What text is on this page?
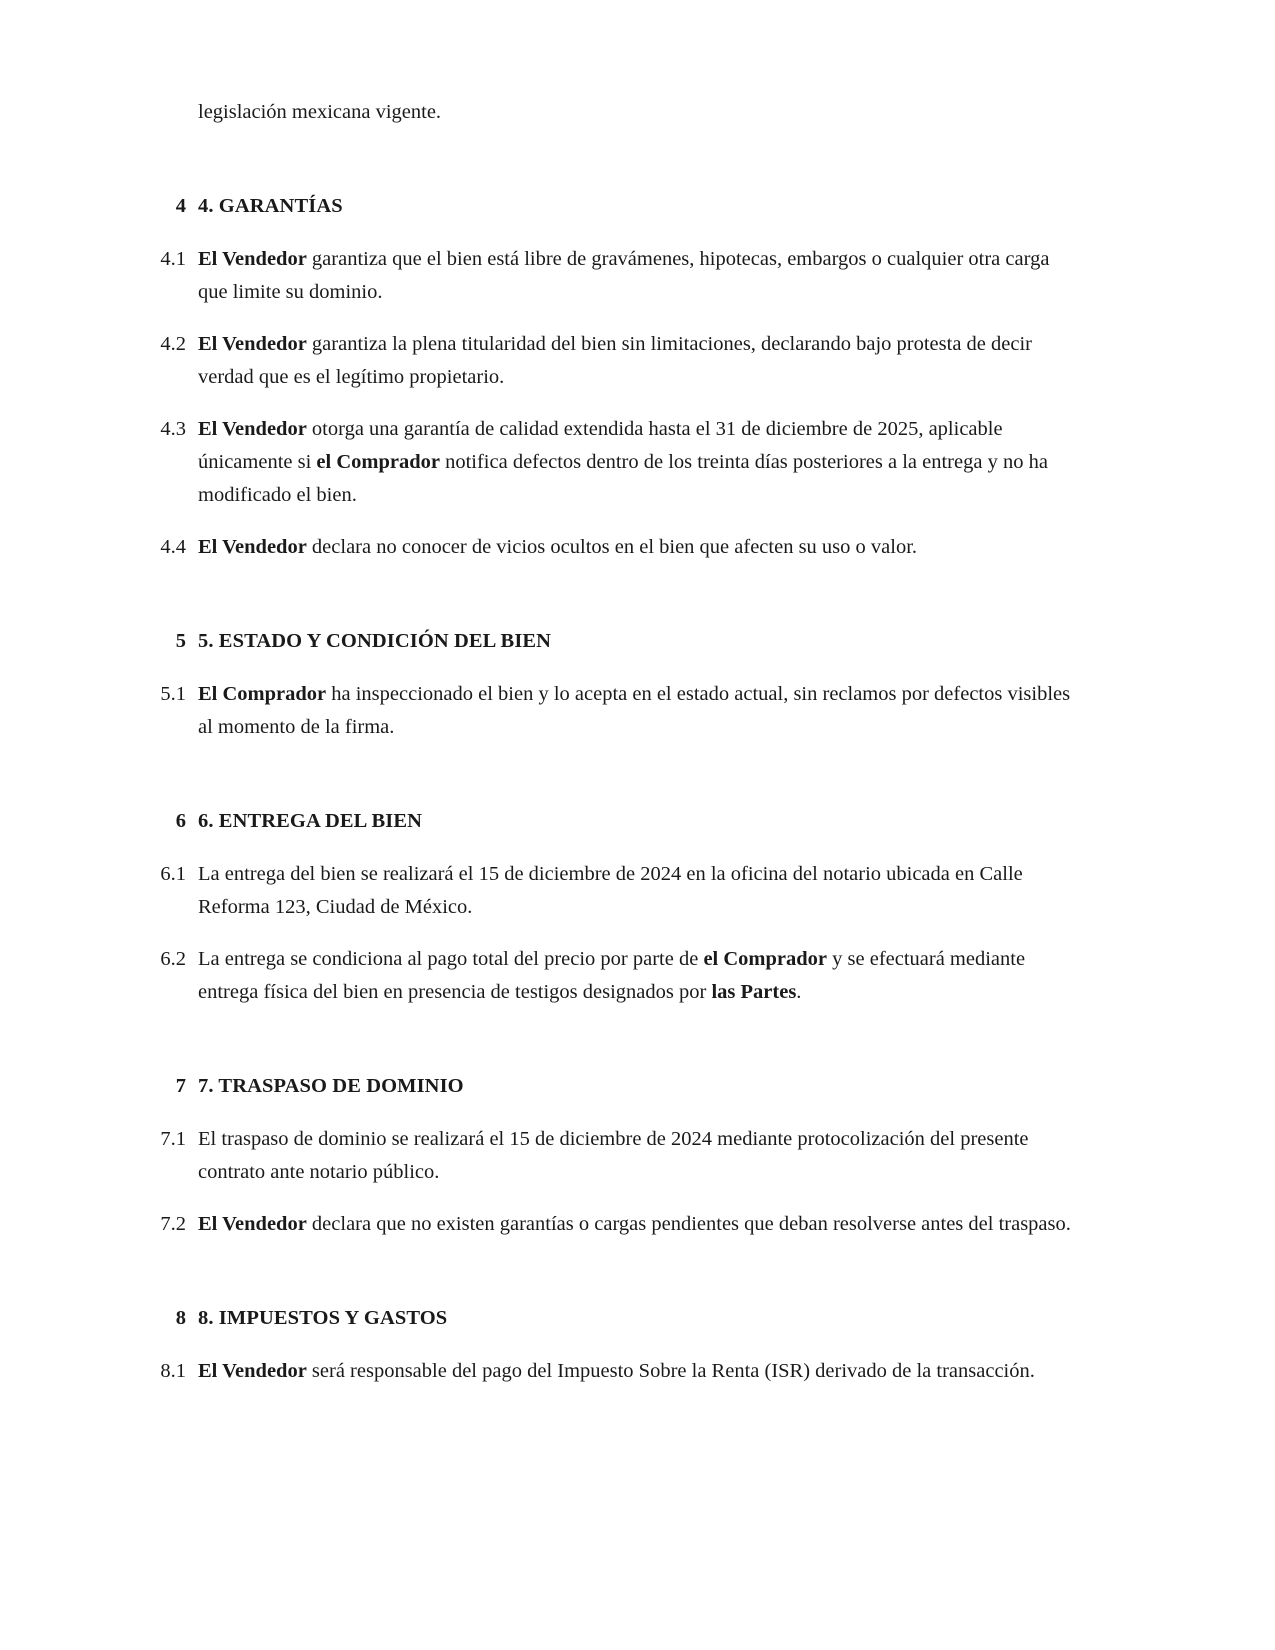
legislación mexicana vigente.

4 4. GARANTÍAS
4.1 El Vendedor garantiza que el bien está libre de gravámenes, hipotecas, embargos o cualquier otra carga que limite su dominio.
4.2 El Vendedor garantiza la plena titularidad del bien sin limitaciones, declarando bajo protesta de decir verdad que es el legítimo propietario.
4.3 El Vendedor otorga una garantía de calidad extendida hasta el 31 de diciembre de 2025, aplicable únicamente si el Comprador notifica defectos dentro de los treinta días posteriores a la entrega y no ha modificado el bien.
4.4 El Vendedor declara no conocer de vicios ocultos en el bien que afecten su uso o valor.
5 5. ESTADO Y CONDICIÓN DEL BIEN
5.1 El Comprador ha inspeccionado el bien y lo acepta en el estado actual, sin reclamos por defectos visibles al momento de la firma.
6 6. ENTREGA DEL BIEN
6.1 La entrega del bien se realizará el 15 de diciembre de 2024 en la oficina del notario ubicada en Calle Reforma 123, Ciudad de México.
6.2 La entrega se condiciona al pago total del precio por parte de el Comprador y se efectuará mediante entrega física del bien en presencia de testigos designados por las Partes.
7 7. TRASPASO DE DOMINIO
7.1 El traspaso de dominio se realizará el 15 de diciembre de 2024 mediante protocolización del presente contrato ante notario público.
7.2 El Vendedor declara que no existen garantías o cargas pendientes que deban resolverse antes del traspaso.
8 8. IMPUESTOS Y GASTOS
8.1 El Vendedor será responsable del pago del Impuesto Sobre la Renta (ISR) derivado de la transacción.
